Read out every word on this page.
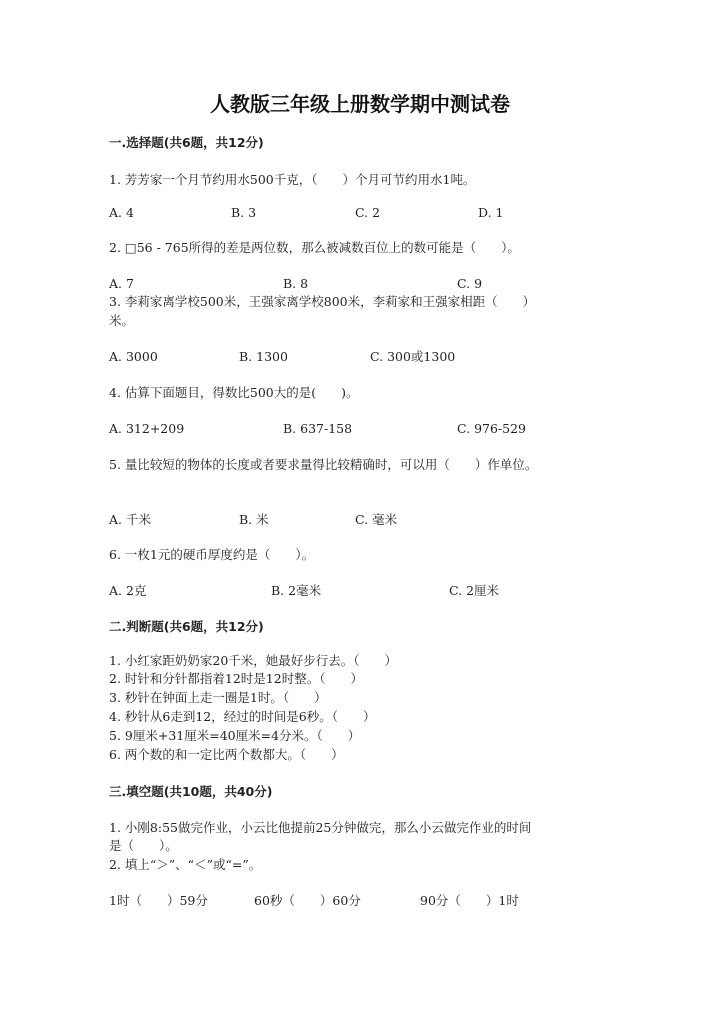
人教版三年级上册数学期中测试卷
一.选择题(共6题，共12分)
1. 芳芳家一个月节约用水500千克，（　　）个月可节约用水1吨。
A. 4	B. 3	C. 2	D. 1
2. □56 - 765所得的差是两位数，那么被减数百位上的数可能是（　　）。
A. 7	B. 8	C. 9
3. 李莉家离学校500米，王强家离学校800米，李莉家和王强家相距（　　）
米。
A. 3000	B. 1300	C. 300或1300
4. 估算下面题目，得数比500大的是(　　)。
A. 312+209	B. 637-158	C. 976-529
5. 量比较短的物体的长度或者要求量得比较精确时，可以用（　　）作单位。
A. 千米	B. 米	C. 毫米
6. 一枚1元的硬币厚度约是（　　）。
A. 2克	B. 2毫米	C. 2厘米
二.判断题(共6题，共12分)
1. 小红家距奶奶家20千米，她最好步行去。（　　）
2. 时针和分针都指着12时是12时整。（　　）
3. 秒针在钟面上走一圈是1时。（　　）
4. 秒针从6走到12，经过的时间是6秒。（　　）
5. 9厘米+31厘米=40厘米=4分米。（　　）
6. 两个数的和一定比两个数都大。（　　）
三.填空题(共10题，共40分)
1. 小刚8:55做完作业，小云比他提前25分钟做完，那么小云做完作业的时间
是（　　）。
2. 填上“＞”、“＜”或“=”。
1时（　　）59分	60秒（　　）60分	90分（　　）1时
